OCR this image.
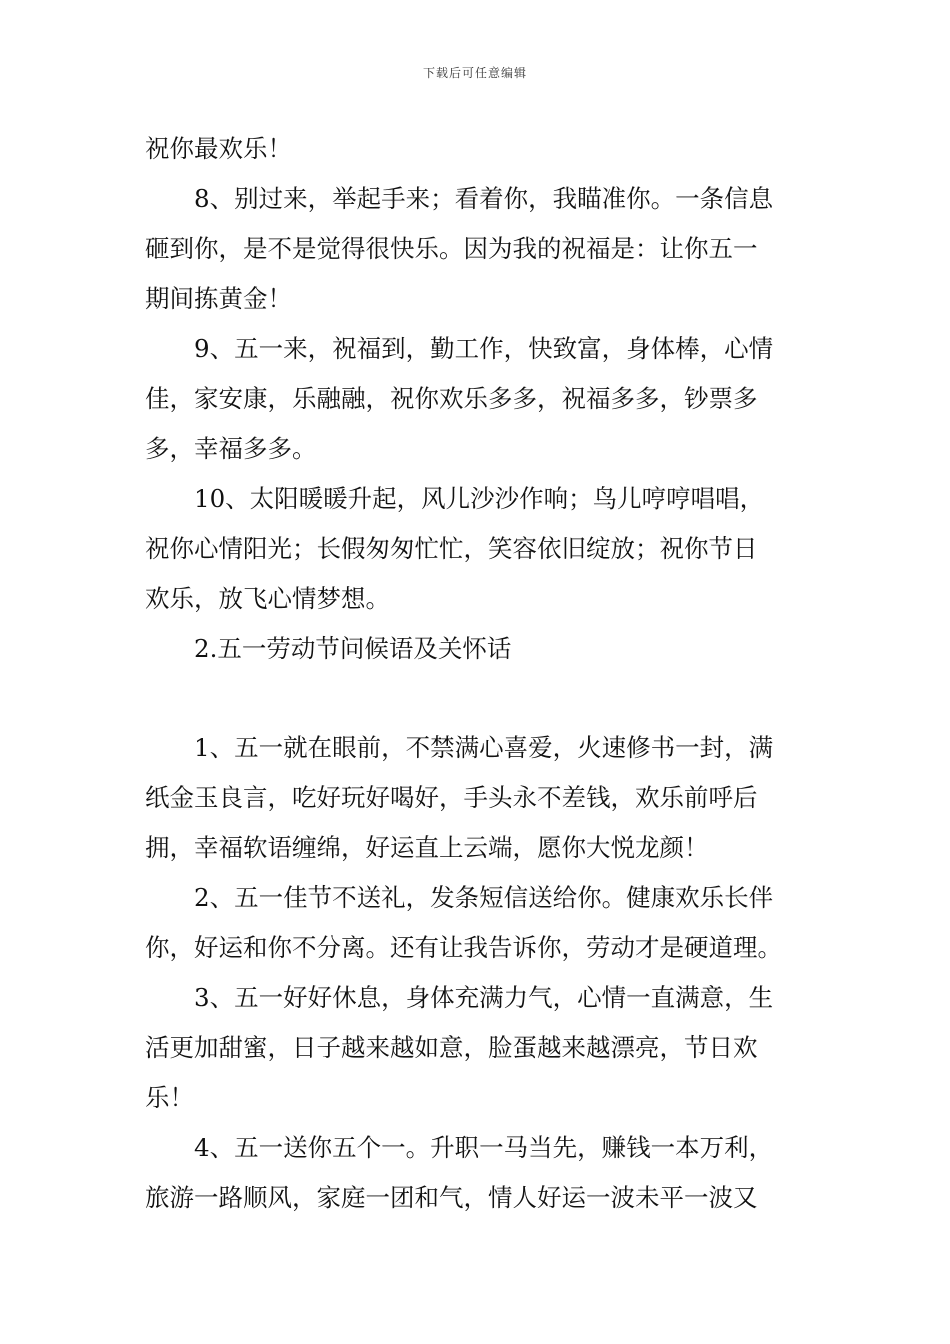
下载后可任意编辑
祝你最欢乐！
8、别过来，举起手来；看着你，我瞄准你。一条信息
砸到你，是不是觉得很快乐。因为我的祝福是：让你五一
期间拣黄金！
9、五一来，祝福到，勤工作，快致富，身体棒，心情
佳，家安康，乐融融，祝你欢乐多多，祝福多多，钞票多
多，幸福多多。
10、太阳暖暖升起，风儿沙沙作响；鸟儿哼哼唱唱，
祝你心情阳光；长假匆匆忙忙，笑容依旧绽放；祝你节日
欢乐，放飞心情梦想。
2.五一劳动节问候语及关怀话
1、五一就在眼前，不禁满心喜爱，火速修书一封，满
纸金玉良言，吃好玩好喝好，手头永不差钱，欢乐前呼后
拥，幸福软语缠绵，好运直上云端，愿你大悦龙颜！
2、五一佳节不送礼，发条短信送给你。健康欢乐长伴
你，好运和你不分离。还有让我告诉你，劳动才是硬道理。
3、五一好好休息，身体充满力气，心情一直满意，生
活更加甜蜜，日子越来越如意，脸蛋越来越漂亮，节日欢
乐！
4、五一送你五个一。升职一马当先，赚钱一本万利，
旅游一路顺风，家庭一团和气，情人好运一波未平一波又
